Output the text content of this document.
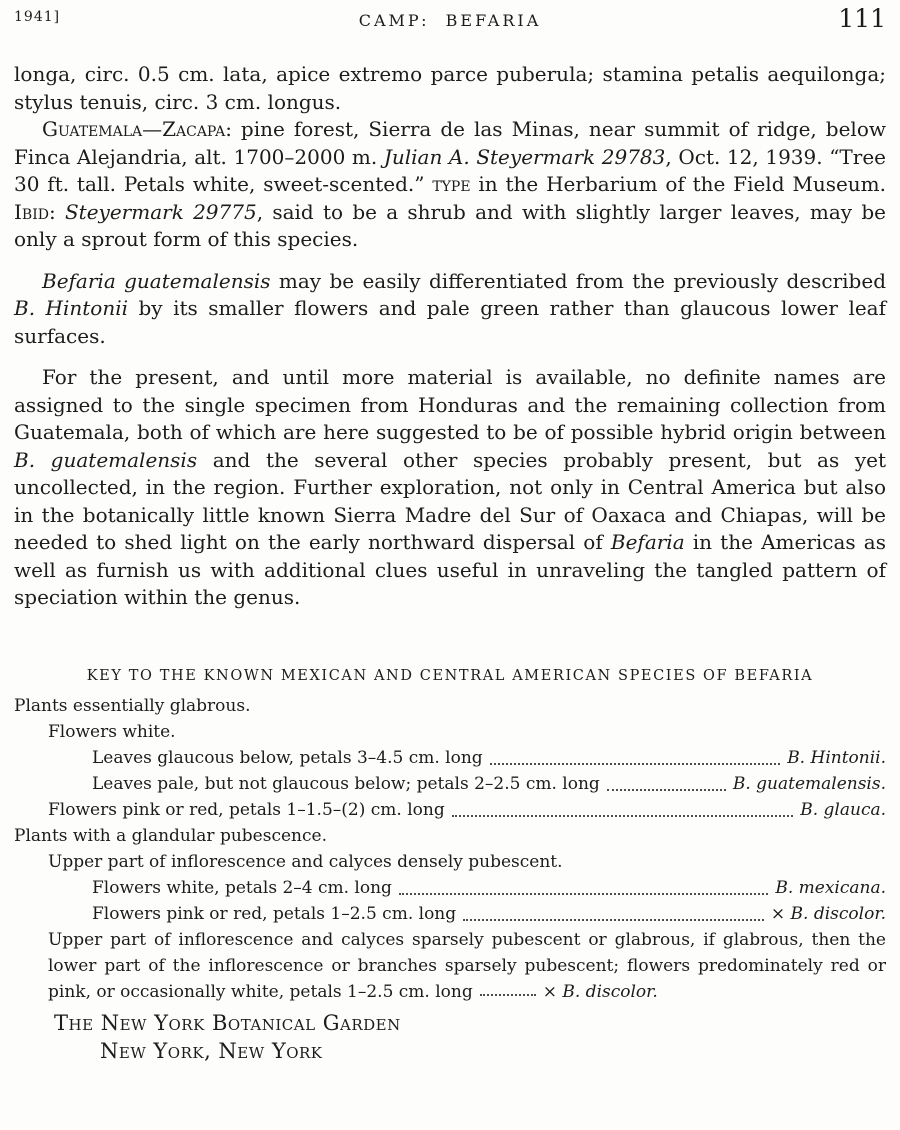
1941]	CAMP:  BEFARIA	111

longa, circ. 0.5 cm. lata, apice extremo parce puberula; stamina petalis aequilonga; stylus tenuis, circ. 3 cm. longus.

Guatemala—Zacapa: pine forest, Sierra de las Minas, near summit of ridge, below Finca Alejandria, alt. 1700–2000 m. Julian A. Steyermark 29783, Oct. 12, 1939. “Tree 30 ft. tall. Petals white, sweet-scented.” type in the Herbarium of the Field Museum. Ibid: Steyermark 29775, said to be a shrub and with slightly larger leaves, may be only a sprout form of this species.

Befaria guatemalensis may be easily differentiated from the previously described B. Hintonii by its smaller flowers and pale green rather than glaucous lower leaf surfaces.

For the present, and until more material is available, no definite names are assigned to the single specimen from Honduras and the remaining collection from Guatemala, both of which are here suggested to be of possible hybrid origin between B. guatemalensis and the several other species probably present, but as yet uncollected, in the region. Further exploration, not only in Central America but also in the botanically little known Sierra Madre del Sur of Oaxaca and Chiapas, will be needed to shed light on the early northward dispersal of Befaria in the Americas as well as furnish us with additional clues useful in unraveling the tangled pattern of speciation within the genus.

KEY TO THE KNOWN MEXICAN AND CENTRAL AMERICAN SPECIES OF BEFARIA
Plants essentially glabrous.
Flowers white.
Leaves glaucous below, petals 3–4.5 cm. long	B. Hintonii.
Leaves pale, but not glaucous below; petals 2–2.5 cm. long	B. guatemalensis.
Flowers pink or red, petals 1–1.5–(2) cm. long	B. glauca.
Plants with a glandular pubescence.
Upper part of inflorescence and calyces densely pubescent.
Flowers white, petals 2–4 cm. long	B. mexicana.
Flowers pink or red, petals 1–2.5 cm. long	× B. discolor.
Upper part of inflorescence and calyces sparsely pubescent or glabrous, if glabrous, then the lower part of the inflorescence or branches sparsely pubescent; flowers predominately red or pink, or occasionally white, petals 1–2.5 cm. long	× B. discolor.
The New York Botanical Garden
New York, New York
